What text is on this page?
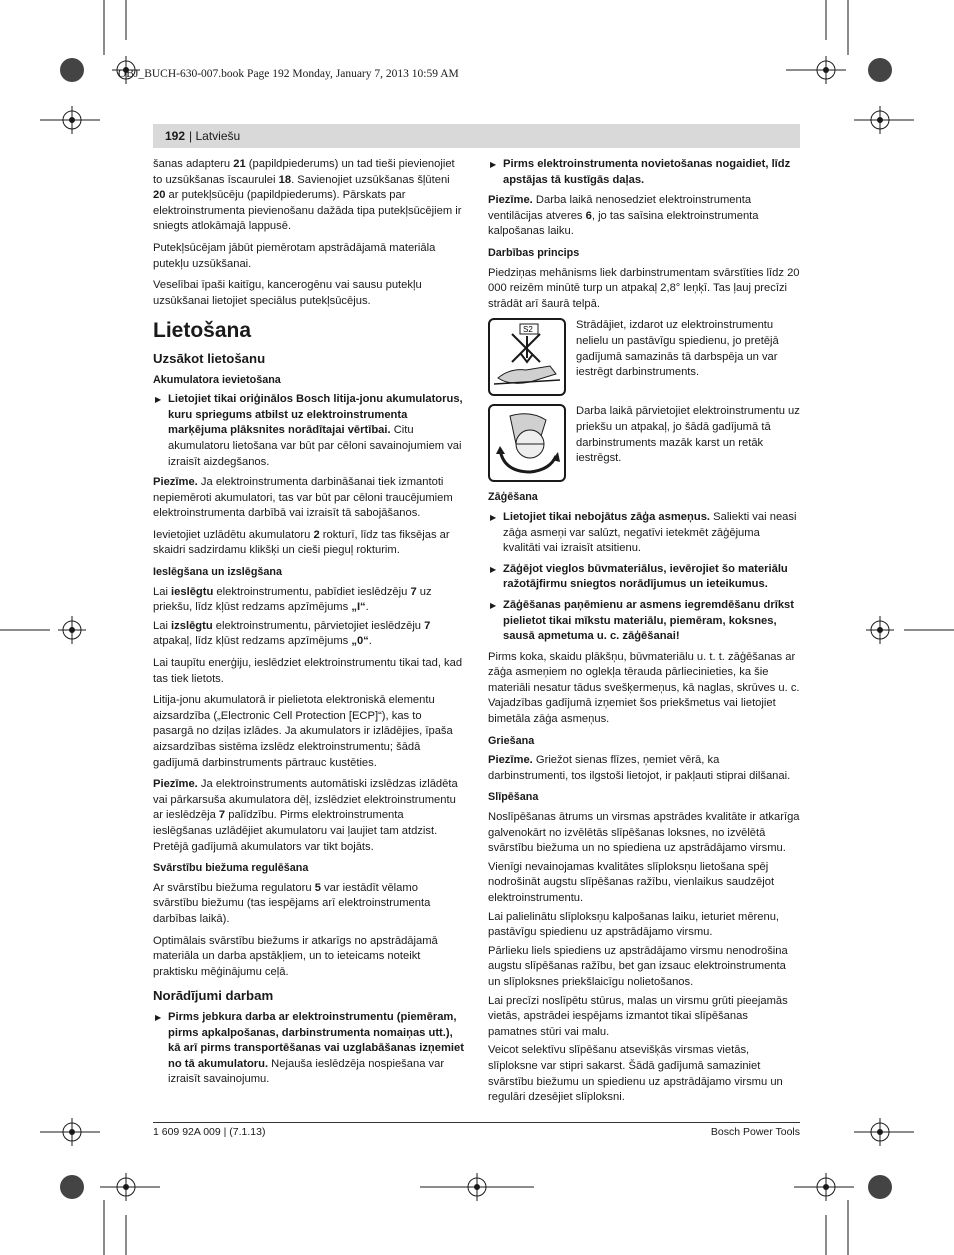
OBJ_BUCH-630-007.book Page 192 Monday, January 7, 2013 10:59 AM
192 | Latviešu

šanas adapteru 21 (papildpiederums) un tad tieši pievienojiet to uzsūkšanas īscaurulei 18. Savienojiet uzsūkšanas šļūteni 20 ar putekļsūcēju (papildpiederums). Pārskats par elektroinstrumenta pievienošanu dažāda tipa putekļsūcējiem ir sniegts atlokāmajā lappusē.

Putekļsūcējam jābūt piemērotam apstrādājamā materiāla putekļu uzsūkšanai.

Veselībai īpaši kaitīgu, kancerogēnu vai sausu putekļu uzsūkšanai lietojiet speciālus putekļsūcējus.

Lietošana
Uzsākot lietošanu
Akumulatora ievietošana

▶ Lietojiet tikai oriģinālos Bosch litija-jonu akumulatorus, kuru spriegums atbilst uz elektroinstrumenta marķējuma plāksnites norādītajai vērtībai. Citu akumulatoru lietošana var būt par cēloni savainojumiem vai izraisīt aizdegšanos.

Piezīme. Ja elektroinstrumenta darbināšanai tiek izmantoti nepiemēroti akumulatori, tas var būt par cēloni traucējumiem elektroinstrumenta darbībā vai izraisīt tā sabojāšanos.

Ievietojiet uzlādētu akumulatoru 2 rokturī, līdz tas fiksējas ar skaidri sadzirdamu klikšķi un cieši pieguļ rokturim.

Ieslēgšana un izslēgšana

Lai ieslēgtu elektroinstrumentu, pabīdiet ieslēdzēju 7 uz priekšu, līdz kļūst redzams apzīmējums „I“.

Lai izslēgtu elektroinstrumentu, pārvietojiet ieslēdzēju 7 atpakaļ, līdz kļūst redzams apzīmējums „0“.

Lai taupītu enerģiju, ieslēdziet elektroinstrumentu tikai tad, kad tas tiek lietots.

Litija-jonu akumulatorā ir pielietota elektroniskā elementu aizsardzība („Electronic Cell Protection [ECP]“), kas to pasargā no dziļas izlādes. Ja akumulators ir izlādējies, īpaša aizsardzības sistēma izslēdz elektroinstrumentu; šādā gadījumā darbinstruments pārtrauc kustēties.

Piezīme. Ja elektroinstruments automātiski izslēdzas izlādēta vai pārkarsuša akumulatora dēļ, izslēdziet elektroinstrumentu ar ieslēdzēja 7 palīdzību. Pirms elektroinstrumenta ieslēgšanas uzlādējiet akumulatoru vai ļaujiet tam atdzist. Pretējā gadījumā akumulators var tikt bojāts.

Svārstību biežuma regulēšana

Ar svārstību biežuma regulatoru 5 var iestādīt vēlamo svārstību biežumu (tas iespējams arī elektroinstrumenta darbības laikā).

Optimālais svārstību biežums ir atkarīgs no apstrādājamā materiāla un darba apstākļiem, un to ieteicams noteikt praktisku mēģinājumu ceļā.

Norādījumi darbam

▶ Pirms jebkura darba ar elektroinstrumentu (piemēram, pirms apkalpošanas, darbinstrumenta nomaiņas utt.), kā arī pirms transportēšanas vai uzglabāšanas izņemiet no tā akumulatoru. Nejauša ieslēdzēja nospiešana var izraisīt savainojumu.

▶ Pirms elektroinstrumenta novietošanas nogaidiet, līdz apstājas tā kustīgās daļas.

Piezīme. Darba laikā nenosedziet elektroinstrumenta ventilācijas atveres 6, jo tas saīsina elektroinstrumenta kalpošanas laiku.

Darbības princips

Piedziņas mehānisms liek darbinstrumentam svārstīties līdz 20 000 reizēm minūtē turp un atpakaļ 2,8° leņķī. Tas ļauj precīzi strādāt arī šaurā telpā.

S2	Strādājiet, izdarot uz elektroinstrumentu nelielu un pastāvīgu spiedienu, jo pretējā gadījumā samazinās tā darbspēja un var iestrēgt darbinstruments.
Darba laikā pārvietojiet elektroinstrumentu uz priekšu un atpakaļ, jo šādā gadījumā tā darbinstruments mazāk karst un retāk iestrēgst.
Zāģēšana

▶ Lietojiet tikai nebojātus zāģa asmeņus. Saliekti vai neasi zāģa asmeņi var salūzt, negatīvi ietekmēt zāģējuma kvalitāti vai izraisīt atsitienu.

▶ Zāģējot vieglos būvmateriālus, ievērojiet šo materiālu ražotājfirmu sniegtos norādījumus un ieteikumus.

▶ Zāģēšanas paņēmienu ar asmens iegremdēšanu drīkst pielietot tikai mīkstu materiālu, piemēram, koksnes, sausā apmetuma u. c. zāģēšanai!

Pirms koka, skaidu plākšņu, būvmateriālu u. t. t. zāģēšanas ar zāģa asmeņiem no oglekļa tērauda pārliecinieties, ka šie materiāli nesatur tādus svešķermeņus, kā naglas, skrūves u. c. Vajadzības gadījumā izņemiet šos priekšmetus vai lietojiet bimetāla zāģa asmeņus.

Griešana

Piezīme. Griežot sienas flīzes, ņemiet vērā, ka darbinstrumenti, tos ilgstoši lietojot, ir pakļauti stiprai dilšanai.

Slīpēšana

Noslīpēšanas ātrums un virsmas apstrādes kvalitāte ir atkarīga galvenokārt no izvēlētās slīpēšanas loksnes, no izvēlētā svārstību biežuma un no spiediena uz apstrādājamo virsmu.

Vienīgi nevainojamas kvalitātes slīploksņu lietošana spēj nodrošināt augstu slīpēšanas ražību, vienlaikus saudzējot elektroinstrumentu.

Lai palielinātu slīploksņu kalpošanas laiku, ieturiet mērenu, pastāvīgu spiedienu uz apstrādājamo virsmu.

Pārlieku liels spiediens uz apstrādājamo virsmu nenodrošina augstu slīpēšanas ražību, bet gan izsauc elektroinstrumenta un slīploksnes priekšlaicīgu nolietošanos.

Lai precīzi noslīpētu stūrus, malas un virsmu grūti pieejamās vietās, apstrādei iespējams izmantot tikai slīpēšanas pamatnes stūri vai malu.

Veicot selektīvu slīpēšanu atsevišķās virsmas vietās, slīploksne var stipri sakarst. Šādā gadījumā samaziniet svārstību biežumu un spiedienu uz apstrādājamo virsmu un regulāri dzesējiet slīploksni.

1 609 92A 009 | (7.1.13)	Bosch Power Tools
